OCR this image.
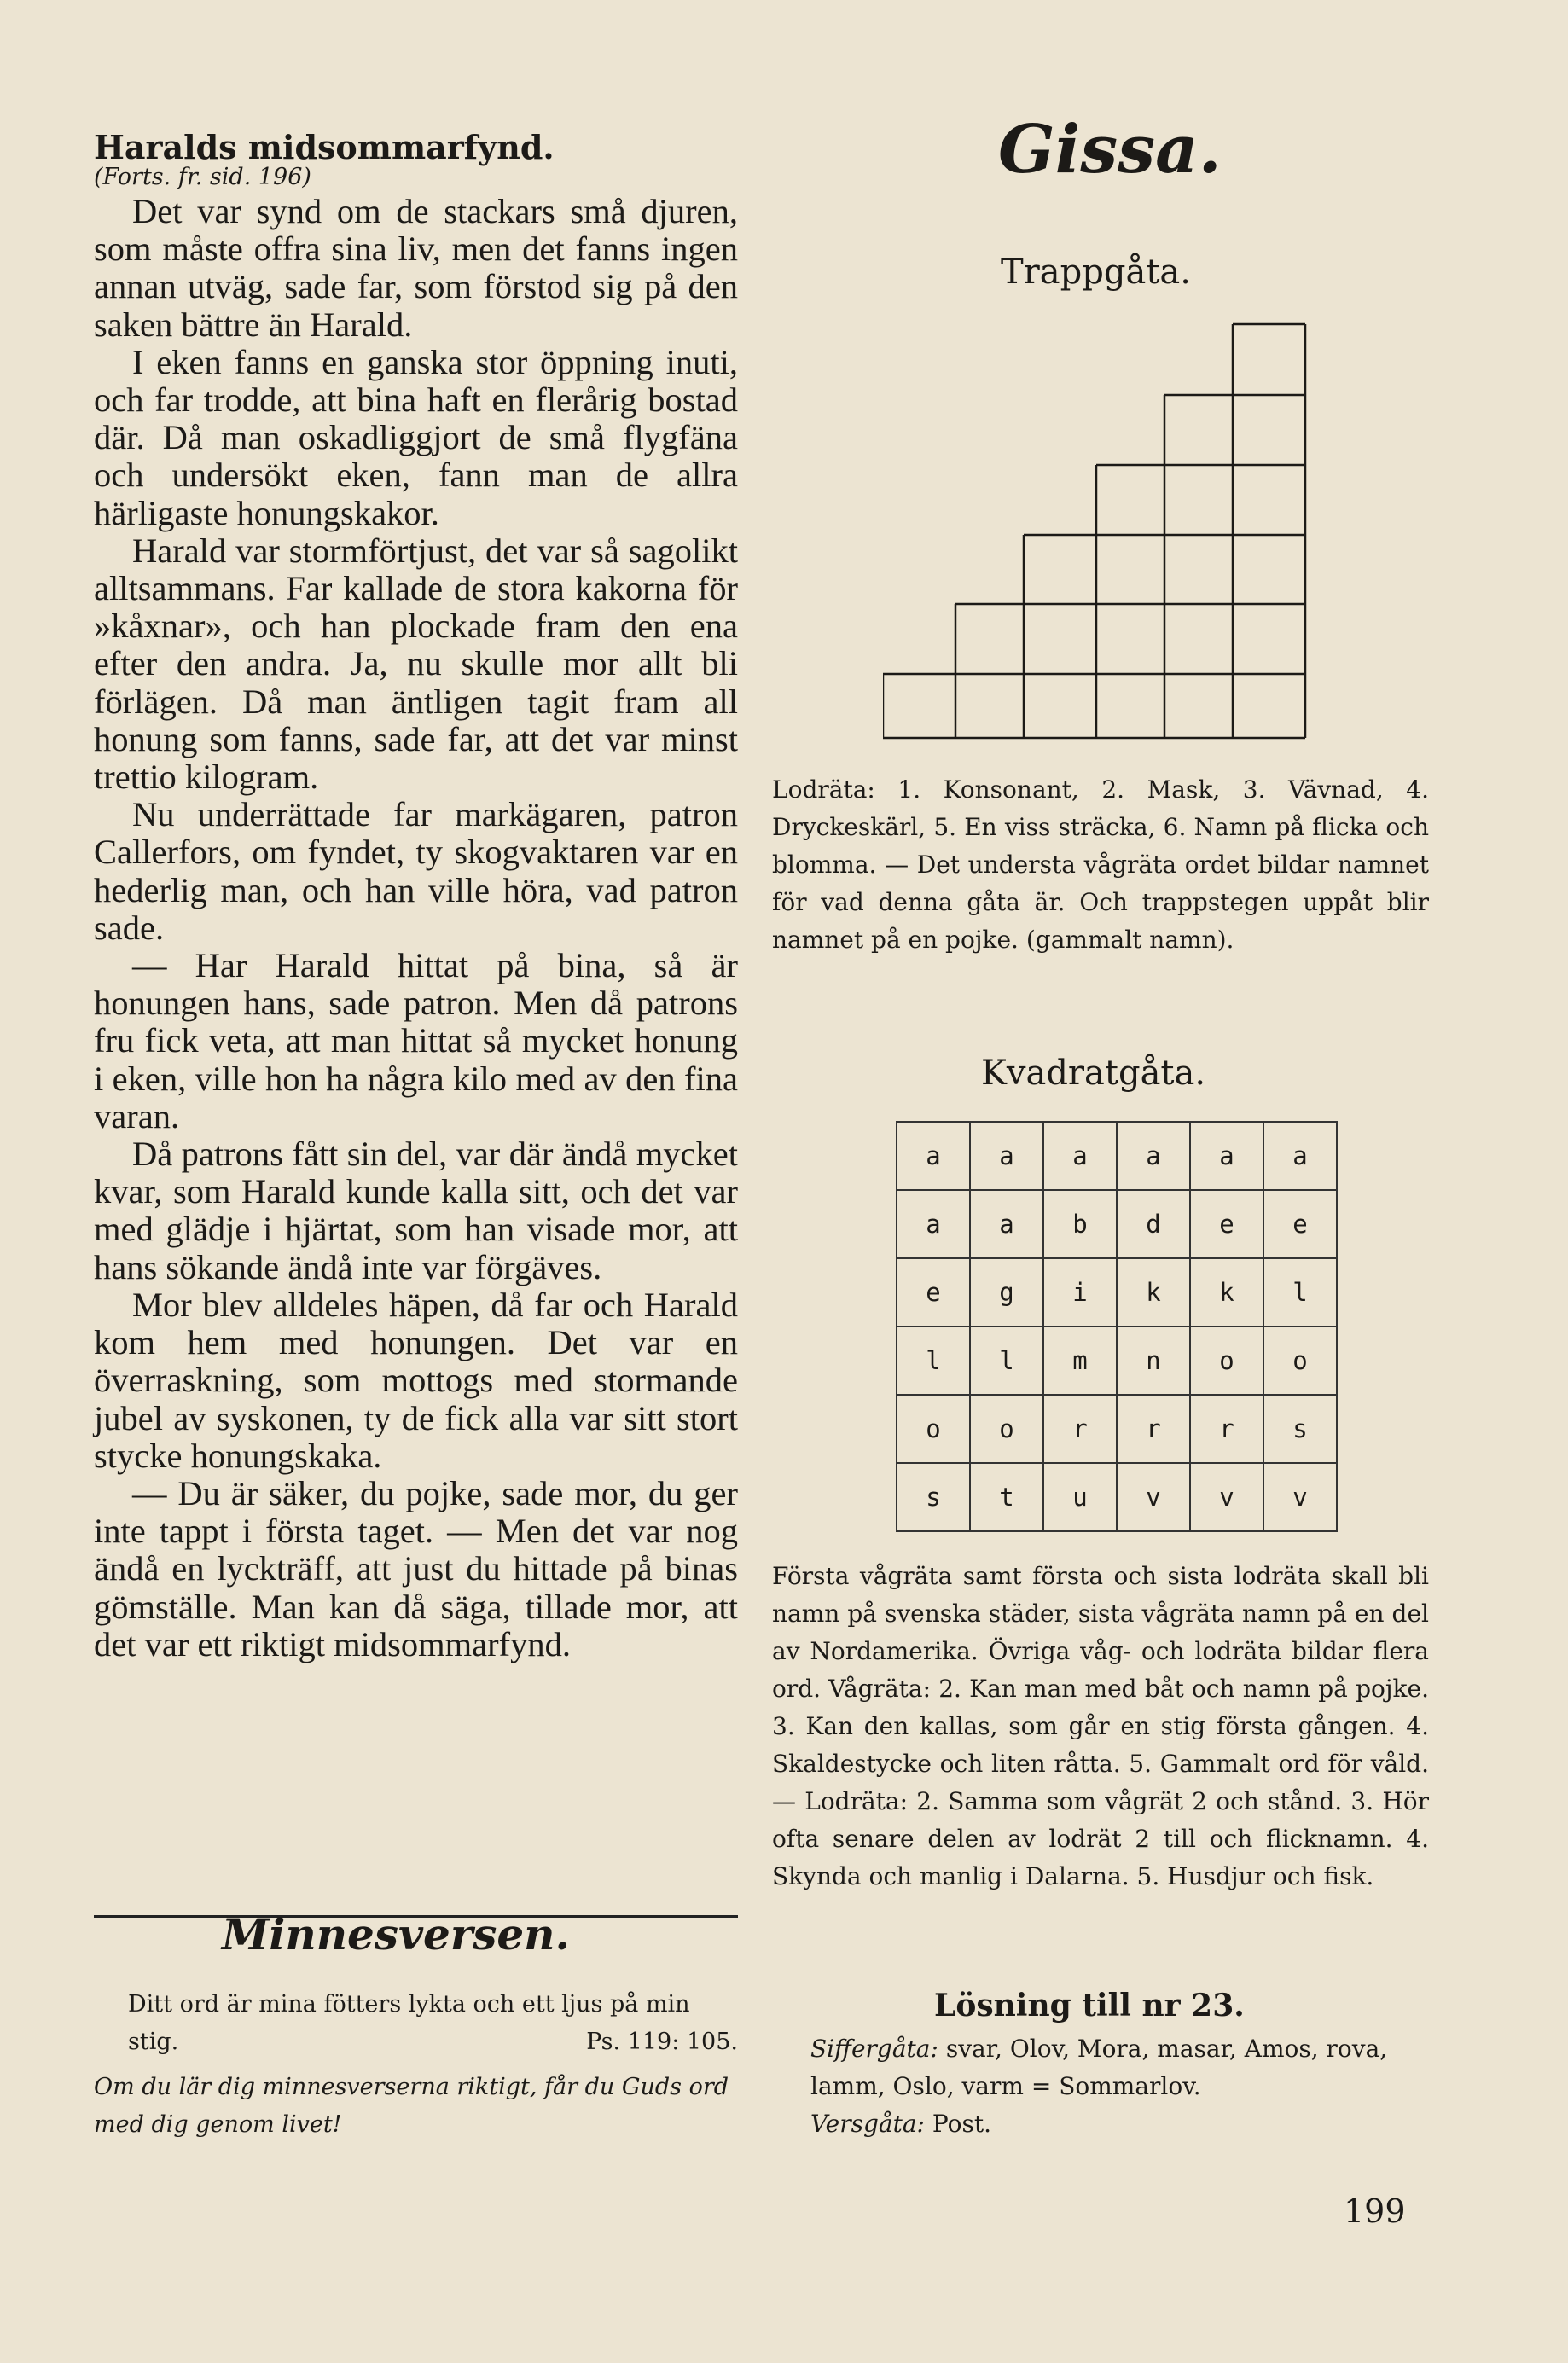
Haralds midsommarfynd.
(Forts. fr. sid. 196)

Det var synd om de stackars små djuren, som måste offra sina liv, men det fanns ingen annan utväg, sade far, som förstod sig på den saken bättre än Harald.

I eken fanns en ganska stor öppning inuti, och far trodde, att bina haft en flerårig bostad där. Då man oskadliggjort de små flygfäna och undersökt eken, fann man de allra härligaste honungskakor.

Harald var stormförtjust, det var så sagolikt alltsammans. Far kallade de stora kakorna för »kåxnar», och han plockade fram den ena efter den andra. Ja, nu skulle mor allt bli förlägen. Då man äntligen tagit fram all honung som fanns, sade far, att det var minst trettio kilogram.

Nu underrättade far markägaren, patron Callerfors, om fyndet, ty skogvaktaren var en hederlig man, och han ville höra, vad patron sade.

— Har Harald hittat på bina, så är honungen hans, sade patron. Men då patrons fru fick veta, att man hittat så mycket honung i eken, ville hon ha några kilo med av den fina varan.

Då patrons fått sin del, var där ändå mycket kvar, som Harald kunde kalla sitt, och det var med glädje i hjärtat, som han visade mor, att hans sökande ändå inte var förgäves.

Mor blev alldeles häpen, då far och Harald kom hem med honungen. Det var en överraskning, som mottogs med stormande jubel av syskonen, ty de fick alla var sitt stort stycke honungskaka.

— Du är säker, du pojke, sade mor, du ger inte tappt i första taget. — Men det var nog ändå en lyckträff, att just du hittade på binas gömställe. Man kan då säga, tillade mor, att det var ett riktigt midsommarfynd.

Minnesversen.
Ditt ord är mina fötters lykta och ett ljus på min stig.	Ps. 119: 105.
Om du lär dig minnesverserna riktigt, får du Guds ord med dig genom livet!
Gissa.
Trappgåta.
Lodräta: 1. Konsonant, 2. Mask, 3. Vävnad, 4. Dryckeskärl, 5. En viss sträcka, 6. Namn på flicka och blomma. — Det understa vågräta ordet bildar namnet för vad denna gåta är. Och trappstegen uppåt blir namnet på en pojke. (gammalt namn).
Kvadratgåta.
a	a	a	a	a	a
a	a	b	d	e	e
e	g	i	k	k	l
l	l	m	n	o	o
o	o	r	r	r	s
s	t	u	v	v	v
Första vågräta samt första och sista lodräta skall bli namn på svenska städer, sista vågräta namn på en del av Nordamerika. Övriga våg- och lodräta bildar flera ord. Vågräta: 2. Kan man med båt och namn på pojke. 3. Kan den kallas, som går en stig första gången. 4. Skaldestycke och liten råtta. 5. Gammalt ord för våld. — Lodräta: 2. Samma som vågrät 2 och stånd. 3. Hör ofta senare delen av lodrät 2 till och flicknamn. 4. Skynda och manlig i Dalarna. 5. Husdjur och fisk.
Lösning till nr 23.
Siffergåta: svar, Olov, Mora, masar, Amos, rova, lamm, Oslo, varm = Sommarlov.
Versgåta: Post.
199
